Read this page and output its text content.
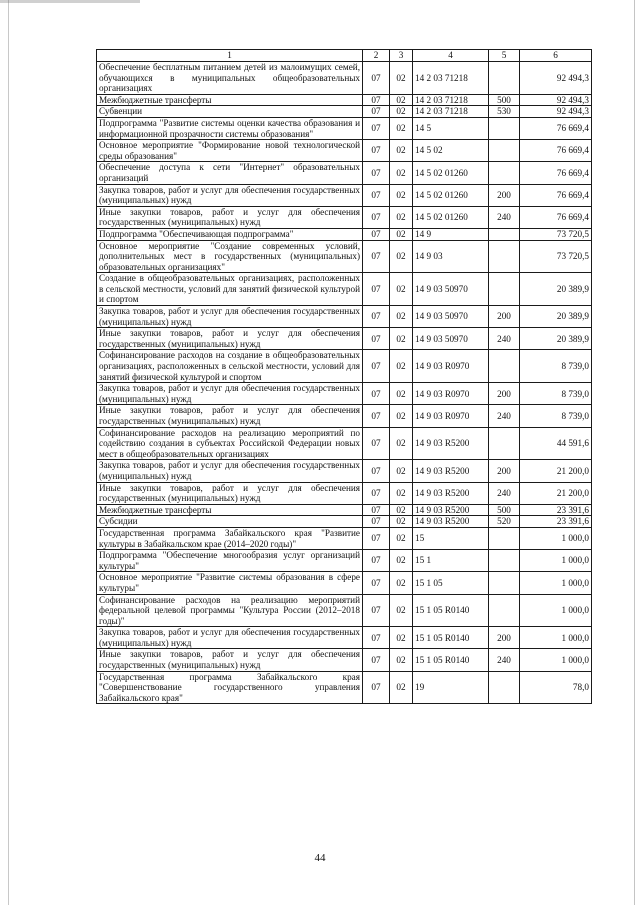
1	2	3	4	5	6
Обеспечение бесплатным питанием детей из малоимущих семей, обучающихся в муниципальных общеобразовательных организациях	07	02	14 2 03 71218		92 494,3
Межбюджетные трансферты	07	02	14 2 03 71218	500	92 494,3
Субвенции	07	02	14 2 03 71218	530	92 494,3
Подпрограмма "Развитие системы оценки качества образования и информационной прозрачности системы образования"	07	02	14 5		76 669,4
Основное мероприятие "Формирование новой технологической среды образования"	07	02	14 5 02		76 669,4
Обеспечение доступа к сети "Интернет" образовательных организаций	07	02	14 5 02 01260		76 669,4
Закупка товаров, работ и услуг для обеспечения государственных (муниципальных) нужд	07	02	14 5 02 01260	200	76 669,4
Иные закупки товаров, работ и услуг для обеспечения государственных (муниципальных) нужд	07	02	14 5 02 01260	240	76 669,4
Подпрограмма "Обеспечивающая подпрограмма"	07	02	14 9		73 720,5
Основное мероприятие "Создание современных условий, дополнительных мест в государственных (муниципальных) образовательных организациях"	07	02	14 9 03		73 720,5
Создание в общеобразовательных организациях, расположенных в сельской местности, условий для занятий физической культурой и спортом	07	02	14 9 03 50970		20 389,9
Закупка товаров, работ и услуг для обеспечения государственных (муниципальных) нужд	07	02	14 9 03 50970	200	20 389,9
Иные закупки товаров, работ и услуг для обеспечения государственных (муниципальных) нужд	07	02	14 9 03 50970	240	20 389,9
Софинансирование расходов на создание в общеобразовательных организациях, расположенных в сельской местности, условий для занятий физической культурой и спортом	07	02	14 9 03 R0970		8 739,0
Закупка товаров, работ и услуг для обеспечения государственных (муниципальных) нужд	07	02	14 9 03 R0970	200	8 739,0
Иные закупки товаров, работ и услуг для обеспечения государственных (муниципальных) нужд	07	02	14 9 03 R0970	240	8 739,0
Софинансирование расходов на реализацию мероприятий по содействию создания в субъектах Российской Федерации новых мест в общеобразовательных организациях	07	02	14 9 03 R5200		44 591,6
Закупка товаров, работ и услуг для обеспечения государственных (муниципальных) нужд	07	02	14 9 03 R5200	200	21 200,0
Иные закупки товаров, работ и услуг для обеспечения государственных (муниципальных) нужд	07	02	14 9 03 R5200	240	21 200,0
Межбюджетные трансферты	07	02	14 9 03 R5200	500	23 391,6
Субсидии	07	02	14 9 03 R5200	520	23 391,6
Государственная программа Забайкальского края "Развитие культуры в Забайкальском крае (2014–2020 годы)"	07	02	15		1 000,0
Подпрограмма "Обеспечение многообразия услуг организаций культуры"	07	02	15 1		1 000,0
Основное мероприятие "Развитие системы образования в сфере культуры"	07	02	15 1 05		1 000,0
Софинансирование расходов на реализацию мероприятий федеральной целевой программы "Культура России (2012–2018 годы)"	07	02	15 1 05 R0140		1 000,0
Закупка товаров, работ и услуг для обеспечения государственных (муниципальных) нужд	07	02	15 1 05 R0140	200	1 000,0
Иные закупки товаров, работ и услуг для обеспечения государственных (муниципальных) нужд	07	02	15 1 05 R0140	240	1 000,0
Государственная программа Забайкальского края "Совершенствование государственного управления Забайкальского края"	07	02	19		78,0
44
